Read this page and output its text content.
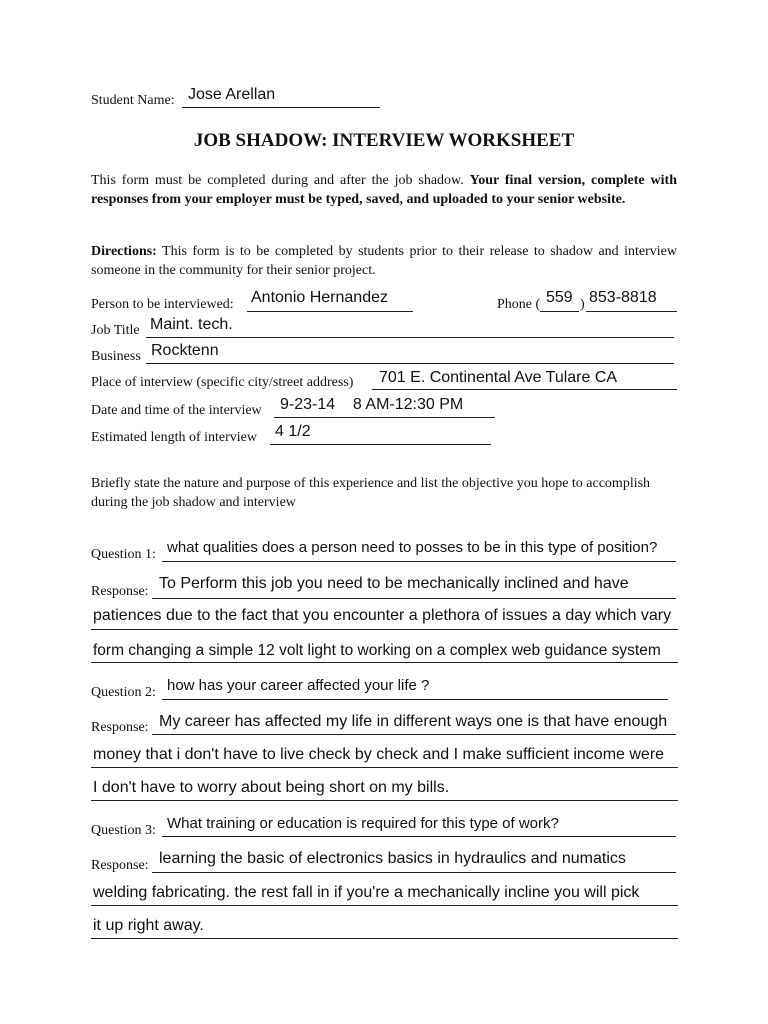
Student Name: Jose Arellan
JOB SHADOW: INTERVIEW WORKSHEET
This form must be completed during and after the job shadow. Your final version, complete with responses from your employer must be typed, saved, and uploaded to your senior website.
Directions: This form is to be completed by students prior to their release to shadow and interview someone in the community for their senior project.
Person to be interviewed: Antonio Hernandez	Phone ( 559 ) 853-8818
Job Title Maint. tech.
Business Rocktenn
Place of interview (specific city/street address) 701 E. Continental Ave Tulare CA
Date and time of the interview 9-23-14    8 AM-12:30 PM
Estimated length of interview 4 1/2
Briefly state the nature and purpose of this experience and list the objective you hope to accomplish during the job shadow and interview
Question 1: what qualities does a person need to posses to be in this type of position?
Response: To Perform this job you need to be mechanically inclined and have
patiences due to the fact that you encounter a plethora of issues a day which vary
form changing a simple 12 volt light to working on a complex web guidance system
Question 2: how has your career affected your life ?
Response: My career has affected my life in different ways one is that have enough
money that i don't have to live check by check and I make sufficient income were
I don't have to worry about being short on my bills.
Question 3: What training or education is required for this type of work?
Response: learning the basic of electronics basics in hydraulics and numatics
welding fabricating. the rest fall in if you're a mechanically incline you will pick
it up right away.
